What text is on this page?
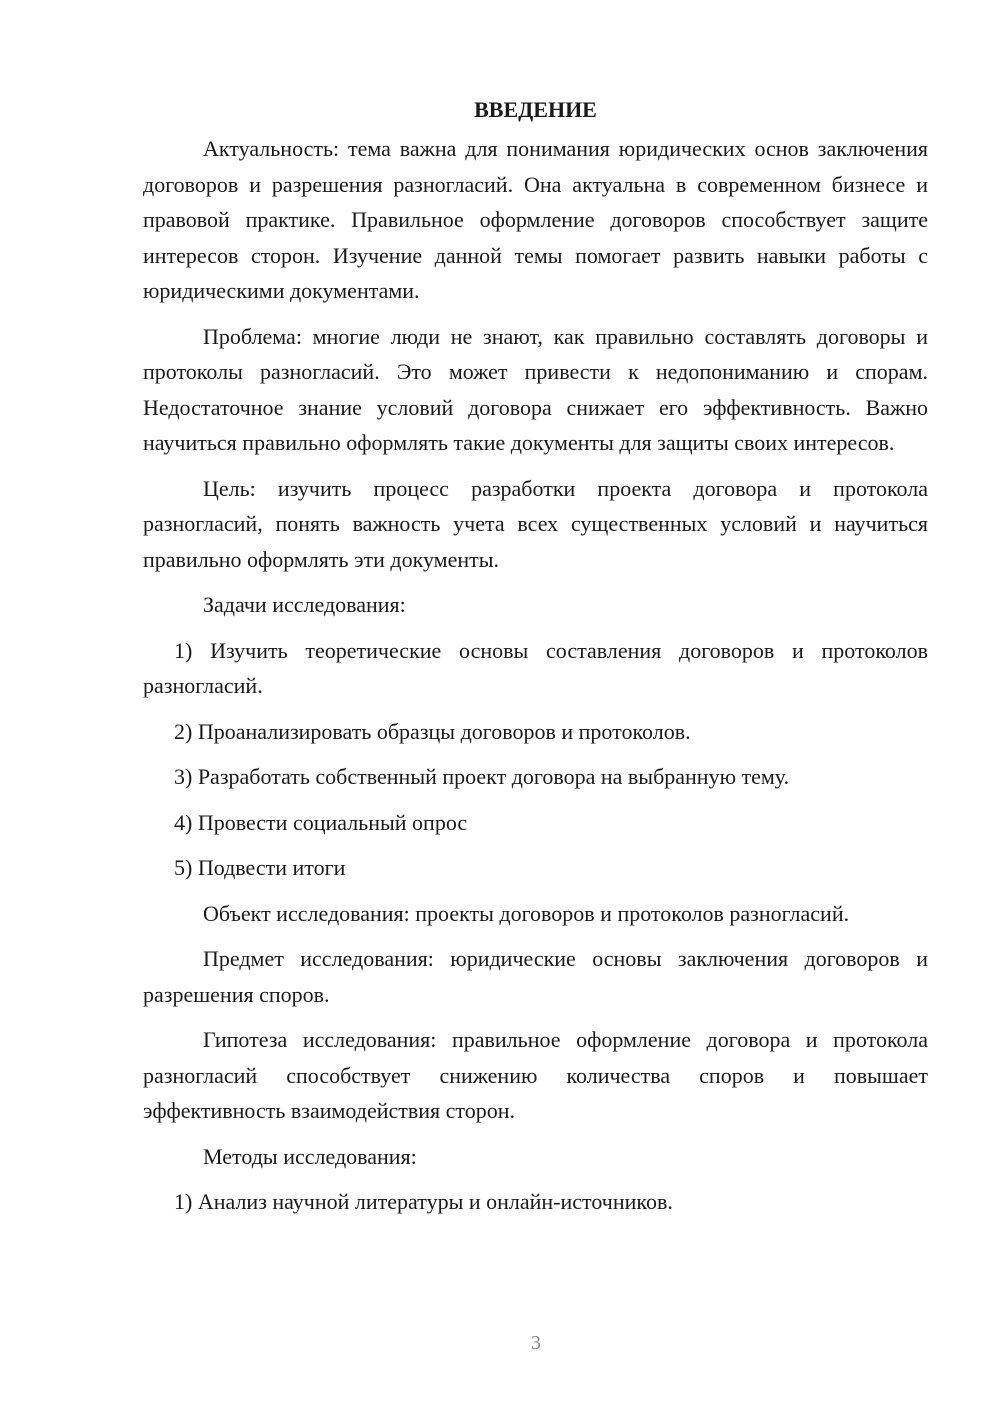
ВВЕДЕНИЕ

Актуальность: тема важна для понимания юридических основ заключения договоров и разрешения разногласий. Она актуальна в современном бизнесе и правовой практике. Правильное оформление договоров способствует защите интересов сторон. Изучение данной темы помогает развить навыки работы с юридическими документами.

Проблема: многие люди не знают, как правильно составлять договоры и протоколы разногласий. Это может привести к недопониманию и спорам. Недостаточное знание условий договора снижает его эффективность. Важно научиться правильно оформлять такие документы для защиты своих интересов.

Цель: изучить процесс разработки проекта договора и протокола разногласий, понять важность учета всех существенных условий и научиться правильно оформлять эти документы.

Задачи исследования:

1) Изучить теоретические основы составления договоров и протоколов разногласий.

2) Проанализировать образцы договоров и протоколов.

3) Разработать собственный проект договора на выбранную тему.

4) Провести социальный опрос

5) Подвести итоги

Объект исследования: проекты договоров и протоколов разногласий.

Предмет исследования: юридические основы заключения договоров и разрешения споров.

Гипотеза исследования: правильное оформление договора и протокола разногласий способствует снижению количества споров и повышает эффективность взаимодействия сторон.

Методы исследования:

1) Анализ научной литературы и онлайн-источников.

3
